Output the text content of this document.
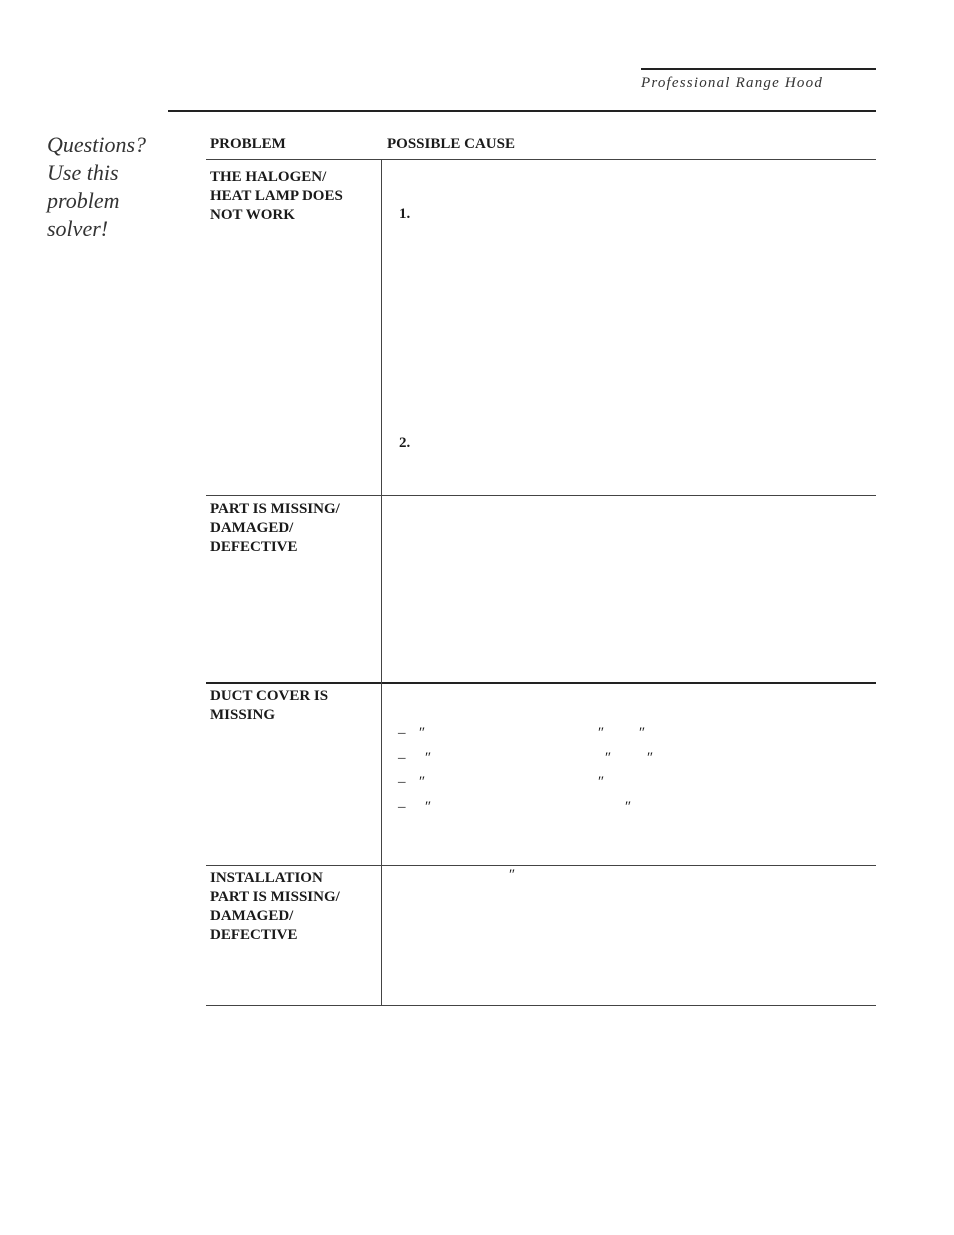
Professional Range Hood
Questions?
Use this
problem
solver!
PROBLEM	POSSIBLE CAUSE
THE HALOGEN/
HEAT LAMP DOES
NOT WORK	1.
2.
PART IS MISSING/
DAMAGED/
DEFECTIVE
DUCT COVER IS
MISSING
– ″	″ ″
– ″	″ ″
– ″	″
– ″	″
INSTALLATION
PART IS MISSING/
DAMAGED/
DEFECTIVE
″
